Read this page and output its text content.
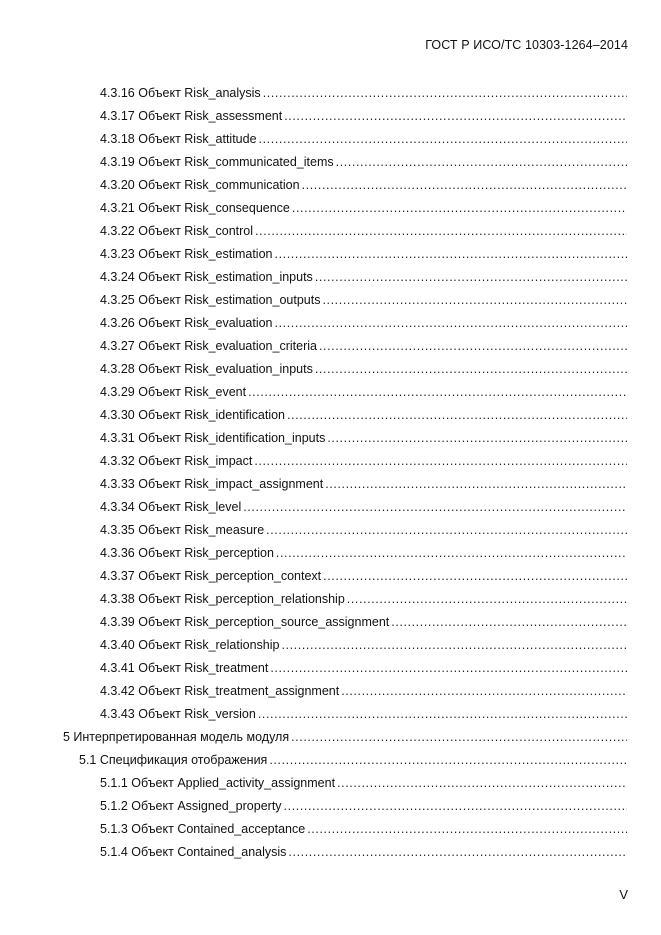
ГОСТ Р ИСО/ТС 10303-1264–2014
4.3.16 Объект Risk_analysis
.....
4.3.17 Объект Risk_assessment
.....
4.3.18 Объект Risk_attitude
.....
4.3.19 Объект Risk_communicated_items
.....
4.3.20 Объект Risk_communication
.....
4.3.21 Объект Risk_consequence
.....
4.3.22 Объект Risk_control
.....
4.3.23 Объект Risk_estimation
.....
4.3.24 Объект Risk_estimation_inputs
.....
4.3.25 Объект Risk_estimation_outputs
.....
4.3.26 Объект Risk_evaluation
.....
4.3.27 Объект Risk_evaluation_criteria
.....
4.3.28 Объект Risk_evaluation_inputs
.....
4.3.29 Объект Risk_event
.....
4.3.30 Объект Risk_identification
.....
4.3.31 Объект Risk_identification_inputs
.....
4.3.32 Объект Risk_impact
.....
4.3.33 Объект Risk_impact_assignment
.....
4.3.34 Объект Risk_level
.....
4.3.35 Объект Risk_measure
.....
4.3.36 Объект Risk_perception
.....
4.3.37 Объект Risk_perception_context
.....
4.3.38 Объект Risk_perception_relationship
.....
4.3.39 Объект Risk_perception_source_assignment
.....
4.3.40 Объект Risk_relationship
.....
4.3.41 Объект Risk_treatment
.....
4.3.42 Объект Risk_treatment_assignment
.....
4.3.43 Объект Risk_version
.....
5 Интерпретированная модель модуля
.....
5.1 Спецификация отображения
.....
5.1.1 Объект Applied_activity_assignment
.....
5.1.2 Объект Assigned_property
.....
5.1.3 Объект Contained_acceptance
.....
5.1.4 Объект Contained_analysis
.....
V
